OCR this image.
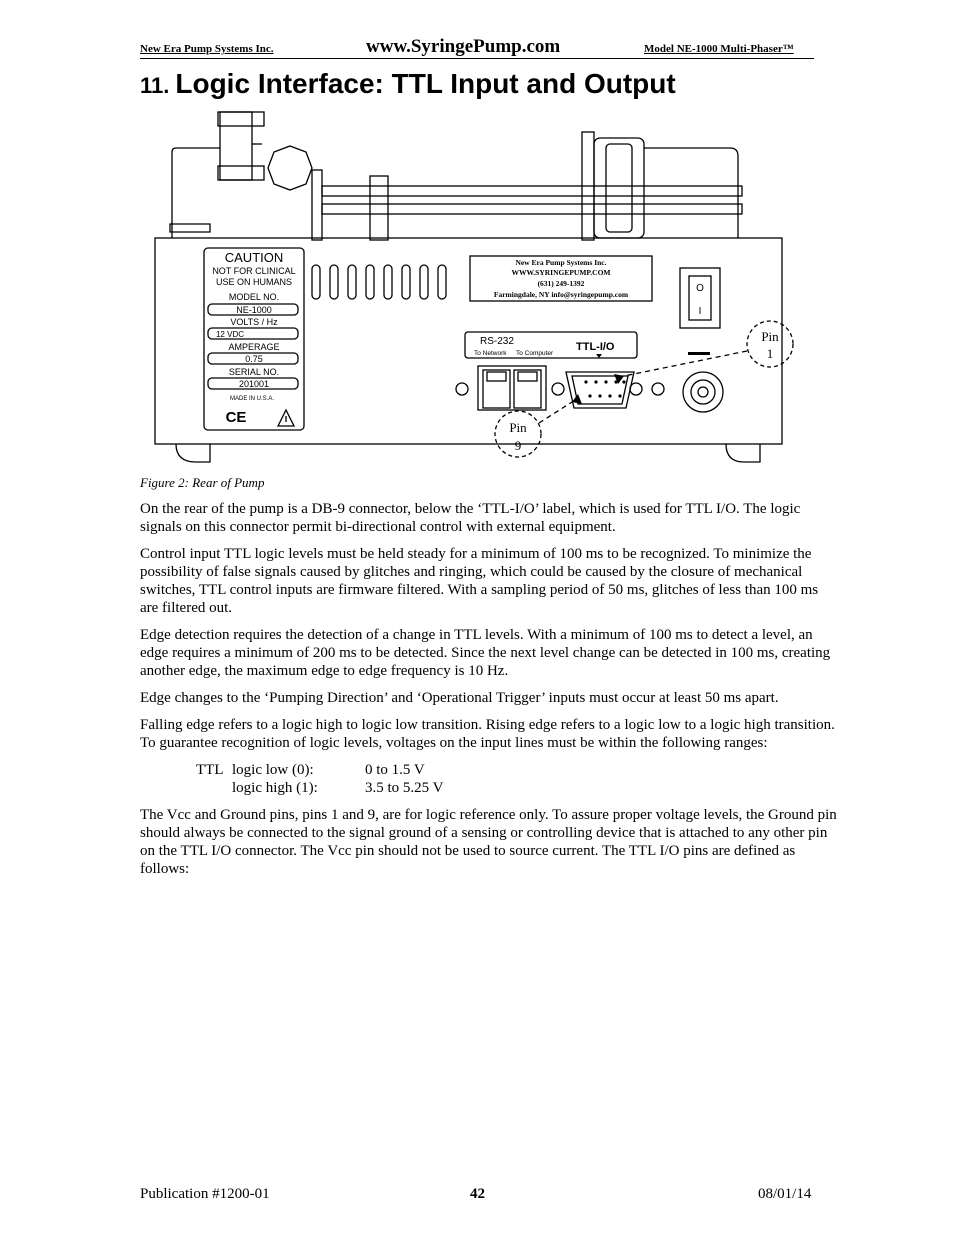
New Era Pump Systems Inc.	www.SyringePump.com	Model NE-1000 Multi-Phaser™
11. Logic Interface: TTL Input and Output
CAUTION
NOT FOR CLINICAL
USE ON HUMANS
MODEL NO.
NE-1000
VOLTS / Hz
12 VDC
AMPERAGE
0.75
SERIAL NO.
201001
MADE IN U.S.A.
CE
New Era Pump Systems Inc.
WWW.SYRINGEPUMP.COM
(631) 249-1392
Farmingdale, NY info@syringepump.com
O
I
RS-232
To Network To Computer
TTL-I/O
Pin
1
Pin
9
Figure 2: Rear of Pump

On the rear of the pump is a DB-9 connector, below the ‘TTL-I/O’ label, which is used for TTL I/O. The logic signals on this connector permit bi-directional control with external equipment.

Control input TTL logic levels must be held steady for a minimum of 100 ms to be recognized. To minimize the possibility of false signals caused by glitches and ringing, which could be caused by the closure of mechanical switches, TTL control inputs are firmware filtered. With a sampling period of 50 ms, glitches of less than 100 ms are filtered out.

Edge detection requires the detection of a change in TTL levels. With a minimum of 100 ms to detect a level, an edge requires a minimum of 200 ms to be detected. Since the next level change can be detected in 100 ms, creating another edge, the maximum edge to edge frequency is 10 Hz.

Edge changes to the ‘Pumping Direction’ and ‘Operational Trigger’ inputs must occur at least 50 ms apart.

Falling edge refers to a logic high to logic low transition. Rising edge refers to a logic low to a logic high transition. To guarantee recognition of logic levels, voltages on the input lines must be within the following ranges:

TTL	logic low (0):	0 to 1.5 V
	logic high (1):	3.5 to 5.25 V

The Vcc and Ground pins, pins 1 and 9, are for logic reference only. To assure proper voltage levels, the Ground pin should always be connected to the signal ground of a sensing or controlling device that is attached to any other pin on the TTL I/O connector. The Vcc pin should not be used to source current. The TTL I/O pins are defined as follows:

Publication #1200-01	42	08/01/14
